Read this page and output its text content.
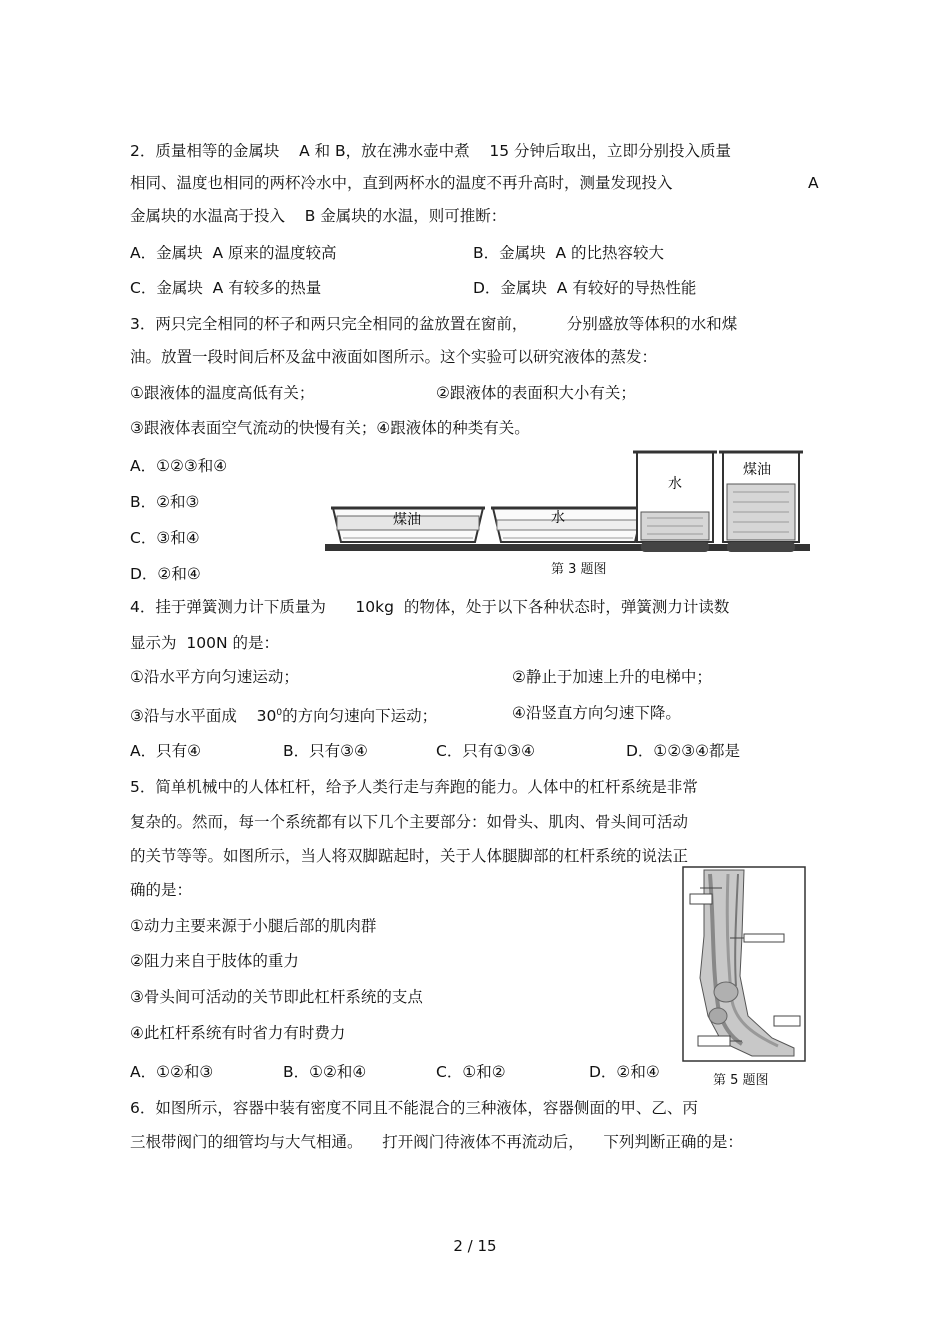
2．质量相等的金属块    A 和 B，放在沸水壶中煮    15 分钟后取出，立即分别投入质量
相同、温度也相同的两杯冷水中，直到两杯水的温度不再升高时，测量发现投入	A
金属块的水温高于投入    B 金属块的水温，则可推断：
A．金属块  A 原来的温度较高	B．金属块  A 的比热容较大
C．金属块  A 有较多的热量	D．金属块  A 有较好的导热性能
3．两只完全相同的杯子和两只完全相同的盆放置在窗前，        分别盛放等体积的水和煤
油。放置一段时间后杯及盆中液面如图所示。这个实验可以研究液体的蒸发：
①跟液体的温度高低有关；	②跟液体的表面积大小有关；
③跟液体表面空气流动的快慢有关；④跟液体的种类有关。
A．①②③和④
B．②和③
C．③和④
D．②和④
煤油	水
水
煤油
第 3 题图
4．挂于弹簧测力计下质量为      10kg  的物体，处于以下各种状态时，弹簧测力计读数
显示为  100N 的是：
①沿水平方向匀速运动；	②静止于加速上升的电梯中；
③沿与水平面成    $30^0$的方向匀速向下运动；	④沿竖直方向匀速下降。
A．只有④	B．只有③④	C．只有①③④	D．①②③④都是
5．简单机械中的人体杠杆，给予人类行走与奔跑的能力。人体中的杠杆系统是非常
复杂的。然而，每一个系统都有以下几个主要部分：如骨头、肌肉、骨头间可活动
的关节等等。如图所示，当人将双脚踮起时，关于人体腿脚部的杠杆系统的说法正
确的是：
①动力主要来源于小腿后部的肌肉群
②阻力来自于肢体的重力
③骨头间可活动的关节即此杠杆系统的支点
④此杠杆系统有时省力有时费力
A．①②和③	B．①②和④	C．①和②	D．②和④	第 5 题图
6．如图所示，容器中装有密度不同且不能混合的三种液体，容器侧面的甲、乙、丙
三根带阀门的细管均与大气相通。    打开阀门待液体不再流动后，    下列判断正确的是：
2 / 15
